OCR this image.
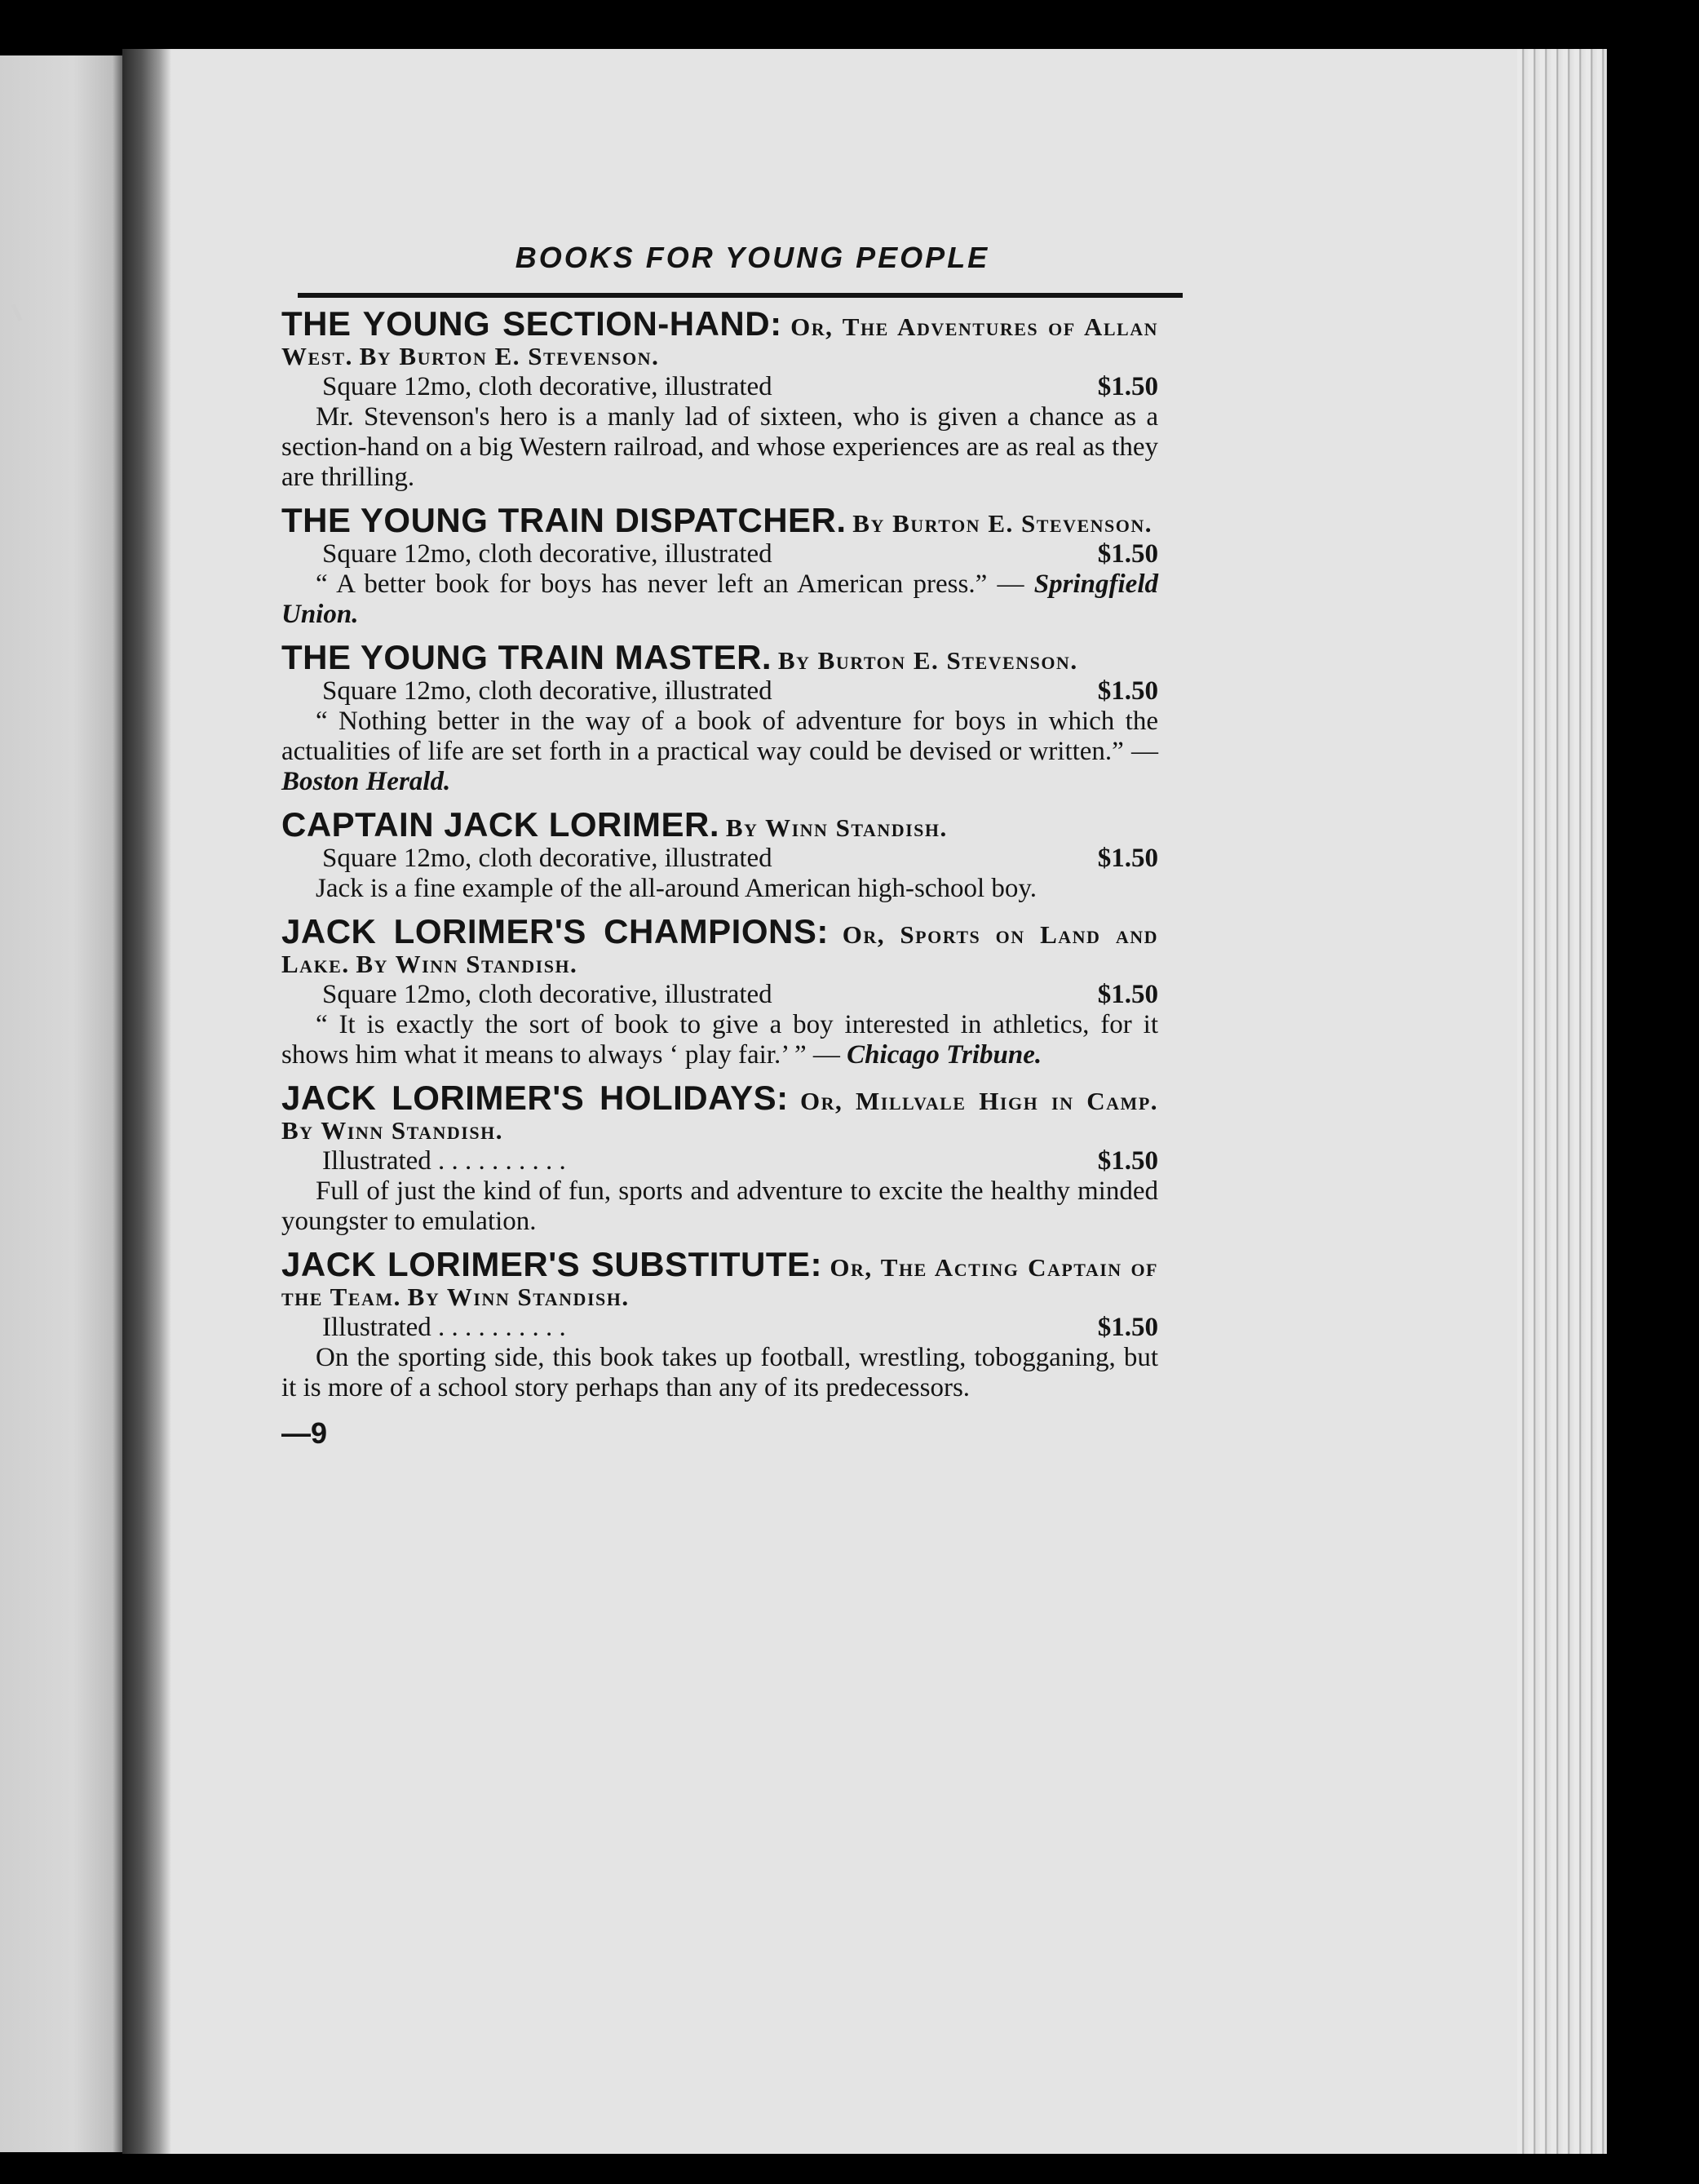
BOOKS FOR YOUNG PEOPLE
THE YOUNG SECTION-HAND: Or, The Adventures of Allan West. By Burton E. Stevenson.
Square 12mo, cloth decorative, illustrated	$1.50
Mr. Stevenson's hero is a manly lad of sixteen, who is given a chance as a section-hand on a big Western railroad, and whose experiences are as real as they are thrilling.
THE YOUNG TRAIN DISPATCHER. By Burton E. Stevenson.
Square 12mo, cloth decorative, illustrated	$1.50
“ A better book for boys has never left an American press.” — Springfield Union.
THE YOUNG TRAIN MASTER. By Burton E. Stevenson.
Square 12mo, cloth decorative, illustrated	$1.50
“ Nothing better in the way of a book of adventure for boys in which the actualities of life are set forth in a practical way could be devised or written.” — Boston Herald.
CAPTAIN JACK LORIMER. By Winn Standish.
Square 12mo, cloth decorative, illustrated	$1.50
Jack is a fine example of the all-around American high-school boy.
JACK LORIMER'S CHAMPIONS: Or, Sports on Land and Lake. By Winn Standish.
Square 12mo, cloth decorative, illustrated	$1.50
“ It is exactly the sort of book to give a boy interested in athletics, for it shows him what it means to always ‘ play fair.’ ” — Chicago Tribune.
JACK LORIMER'S HOLIDAYS: Or, Millvale High in Camp. By Winn Standish.
Illustrated . . . . . . . . . .	$1.50
Full of just the kind of fun, sports and adventure to excite the healthy minded youngster to emulation.
JACK LORIMER'S SUBSTITUTE: Or, The Acting Captain of the Team. By Winn Standish.
Illustrated . . . . . . . . . .	$1.50
On the sporting side, this book takes up football, wrestling, tobogganing, but it is more of a school story perhaps than any of its predecessors.
—9
